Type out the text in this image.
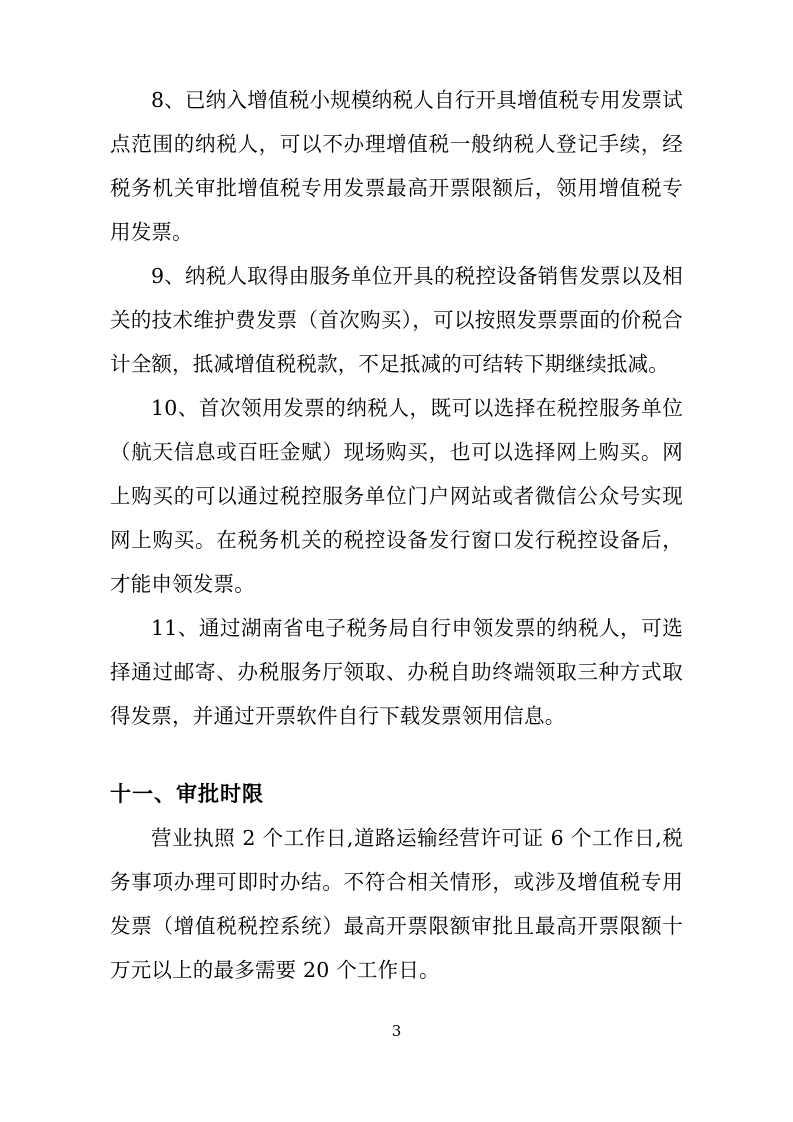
8、已纳入增值税小规模纳税人自行开具增值税专用发票试点范围的纳税人，可以不办理增值税一般纳税人登记手续，经税务机关审批增值税专用发票最高开票限额后，领用增值税专用发票。

9、纳税人取得由服务单位开具的税控设备销售发票以及相关的技术维护费发票（首次购买），可以按照发票票面的价税合计全额，抵减增值税税款，不足抵减的可结转下期继续抵减。

10、首次领用发票的纳税人，既可以选择在税控服务单位（航天信息或百旺金赋）现场购买，也可以选择网上购买。网上购买的可以通过税控服务单位门户网站或者微信公众号实现网上购买。在税务机关的税控设备发行窗口发行税控设备后，才能申领发票。

11、通过湖南省电子税务局自行申领发票的纳税人，可选择通过邮寄、办税服务厅领取、办税自助终端领取三种方式取得发票，并通过开票软件自行下载发票领用信息。

十一、审批时限

营业执照 2 个工作日,道路运输经营许可证 6 个工作日,税务事项办理可即时办结。不符合相关情形，或涉及增值税专用发票（增值税税控系统）最高开票限额审批且最高开票限额十万元以上的最多需要 20 个工作日。

3
